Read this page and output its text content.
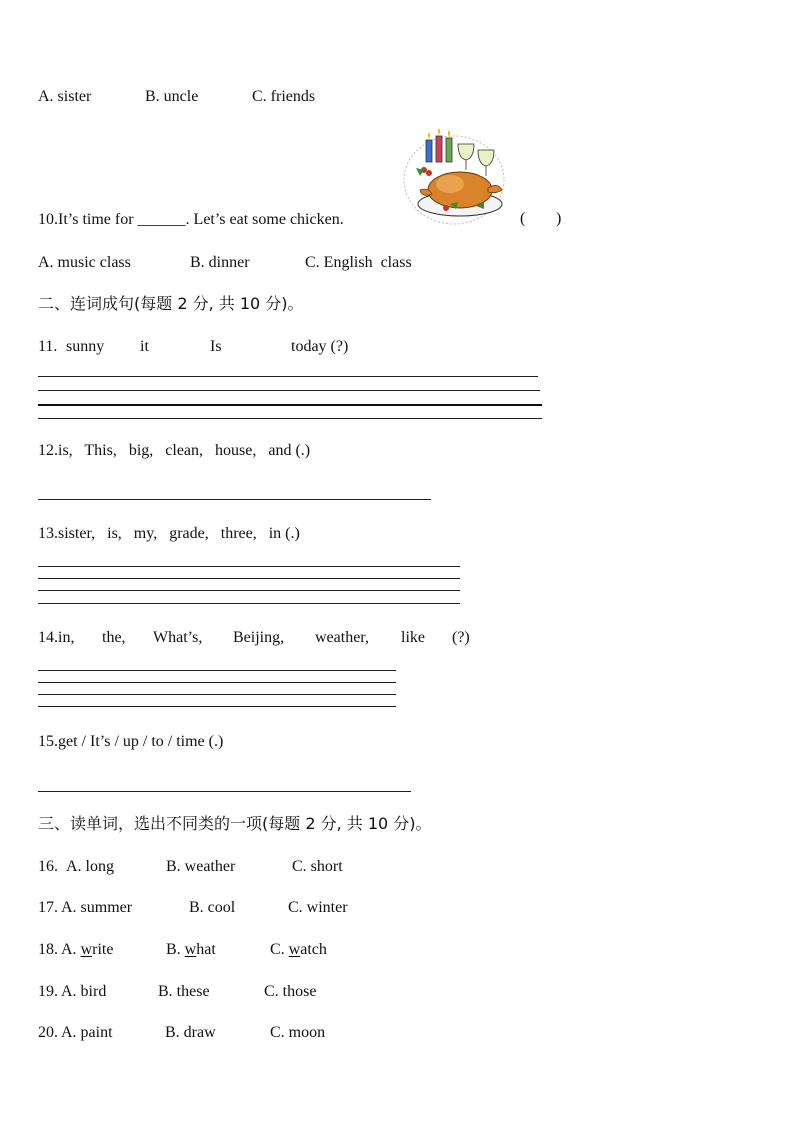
A. sister	B. uncle	C. friends
10.It’s time for ______. Let’s eat some chicken.	( )
A. music class	B. dinner	C. English  class
二、连词成句(每题 2 分, 共 10 分)。
11. sunny it	Is	today (?)
12.is,   This,   big,   clean,   house,   and (.)
13.sister,   is,   my,   grade,   three,   in (.)
14.in, the, What’s, Beijing, weather, like (?)
15.get / It’s / up / to / time (.)
三、读单词，选出不同类的一项(每题 2 分, 共 10 分)。
16. A. long	B. weather	C. short
17. A. summer	B. cool	C. winter
18. A. write	B. what	C. watch
19. A. bird	B. these	C. those
20. A. paint	B. draw	C. moon
